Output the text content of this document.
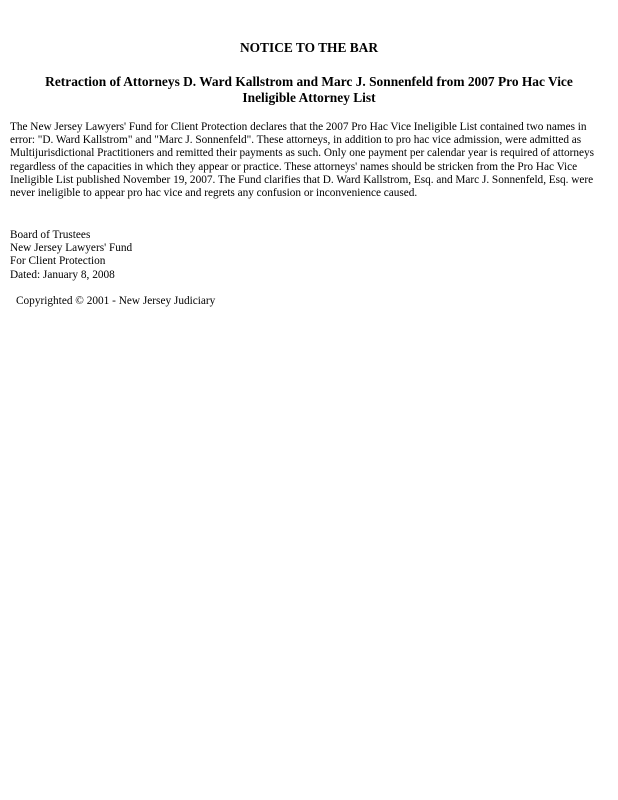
NOTICE TO THE BAR
Retraction of Attorneys D. Ward Kallstrom and Marc J. Sonnenfeld from 2007 Pro Hac Vice Ineligible Attorney List

The New Jersey Lawyers' Fund for Client Protection declares that the 2007 Pro Hac Vice Ineligible List contained two names in error: "D. Ward Kallstrom" and "Marc J. Sonnenfeld". These attorneys, in addition to pro hac vice admission, were admitted as Multijurisdictional Practitioners and remitted their payments as such. Only one payment per calendar year is required of attorneys regardless of the capacities in which they appear or practice. These attorneys' names should be stricken from the Pro Hac Vice Ineligible List published November 19, 2007. The Fund clarifies that D. Ward Kallstrom, Esq. and Marc J. Sonnenfeld, Esq. were never ineligible to appear pro hac vice and regrets any confusion or inconvenience caused.

Board of Trustees
New Jersey Lawyers' Fund
For Client Protection
Dated: January 8, 2008

Copyrighted © 2001 - New Jersey Judiciary
